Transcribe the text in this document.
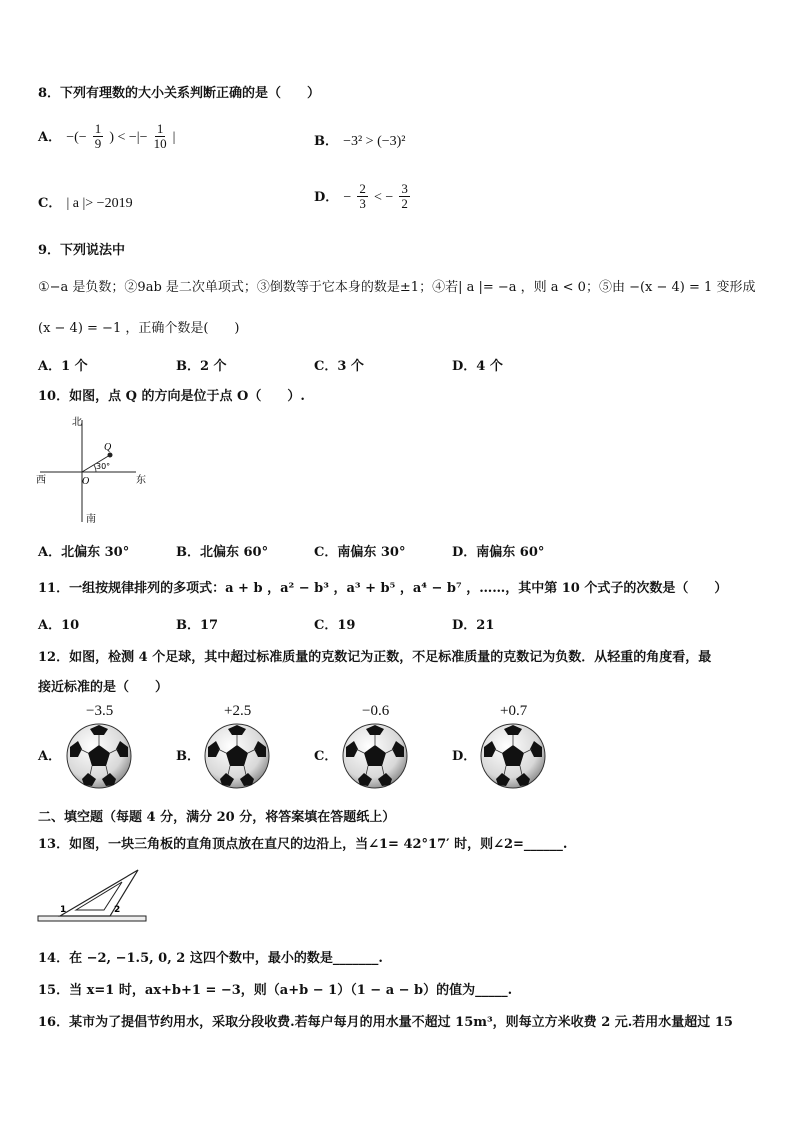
8．下列有理数的大小关系判断正确的是（　　）
A． −(− $\frac{1}{9}$ ) < −|− $\frac{1}{10}$ |	B． −3² > (−3)²
C． | a |> −2019	D． − $\frac{2}{3}$ < − $\frac{3}{2}$
9．下列说法中
①−a 是负数；②9ab 是二次单项式；③倒数等于它本身的数是±1；④若| a |= −a ，则 a < 0；⑤由 −(x − 4) = 1 变形成
(x − 4) = −1 ，正确个数是(　　)
A．1 个	B．2 个	C．3 个	D．4 个
10．如图，点 Q 的方向是位于点 O（　　）.
北
南
西	东
O
Q
30°
A．北偏东 30°	B．北偏东 60°	C．南偏东 30°	D．南偏东 60°
11．一组按规律排列的多项式：a + b ，a² − b³ ，a³ + b⁵ ，a⁴ − b⁷ ，……，其中第 10 个式子的次数是（　　）
A．10	B．17	C．19	D．21
12．如图，检测 4 个足球，其中超过标准质量的克数记为正数，不足标准质量的克数记为负数．从轻重的角度看，最
接近标准的是（　　）
A．
−3.5
B．
+2.5
C．
−0.6
D．
+0.7
二、填空题（每题 4 分，满分 20 分，将答案填在答题纸上）
13．如图，一块三角板的直角顶点放在直尺的边沿上，当∠1= 42°17′ 时，则∠2=______.
1	2
14．在 −2, −1.5, 0, 2 这四个数中，最小的数是_______.
15．当 x=1 时，ax+b+1 = −3，则（a+b − 1）（1 − a − b）的值为_____.
16．某市为了提倡节约用水，采取分段收费.若每户每月的用水量不超过 15m³，则每立方米收费 2 元.若用水量超过 15
